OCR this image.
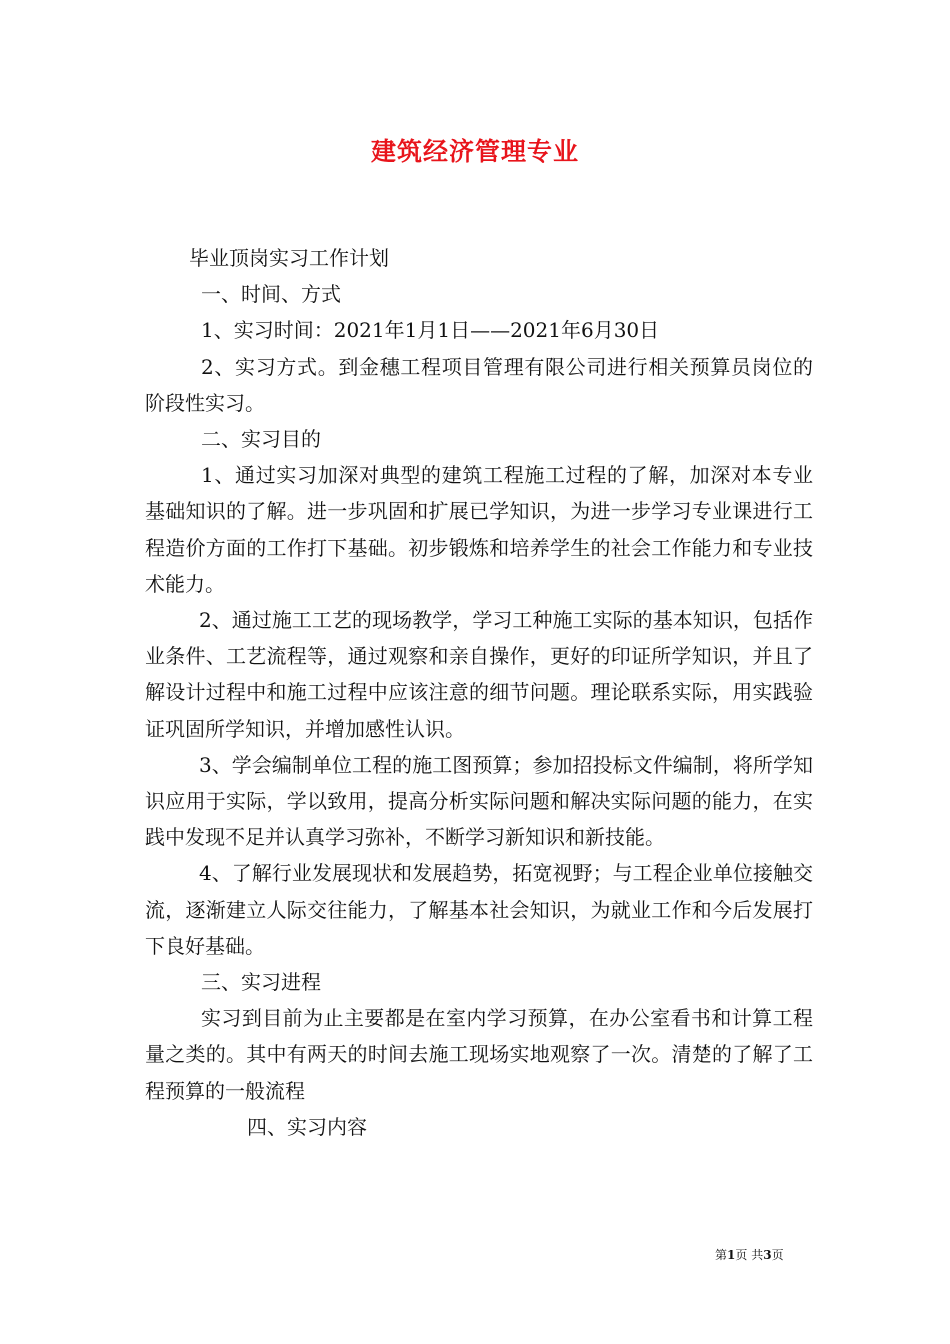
建筑经济管理专业

毕业顶岗实习工作计划

一、时间、方式

1、实习时间：2021年1月1日——2021年6月30日

2、实习方式。到金穗工程项目管理有限公司进行相关预算员岗位的阶段性实习。

二、实习目的

1、通过实习加深对典型的建筑工程施工过程的了解，加深对本专业基础知识的了解。进一步巩固和扩展已学知识，为进一步学习专业课进行工程造价方面的工作打下基础。初步锻炼和培养学生的社会工作能力和专业技术能力。

2、通过施工工艺的现场教学，学习工种施工实际的基本知识，包括作业条件、工艺流程等，通过观察和亲自操作，更好的印证所学知识，并且了解设计过程中和施工过程中应该注意的细节问题。理论联系实际，用实践验证巩固所学知识，并增加感性认识。

3、学会编制单位工程的施工图预算；参加招投标文件编制，将所学知识应用于实际，学以致用，提高分析实际问题和解决实际问题的能力，在实践中发现不足并认真学习弥补，不断学习新知识和新技能。

4、了解行业发展现状和发展趋势，拓宽视野；与工程企业单位接触交流，逐渐建立人际交往能力，了解基本社会知识，为就业工作和今后发展打下良好基础。

三、实习进程

实习到目前为止主要都是在室内学习预算，在办公室看书和计算工程量之类的。其中有两天的时间去施工现场实地观察了一次。清楚的了解了工程预算的一般流程

四、实习内容

第1页 共3页
